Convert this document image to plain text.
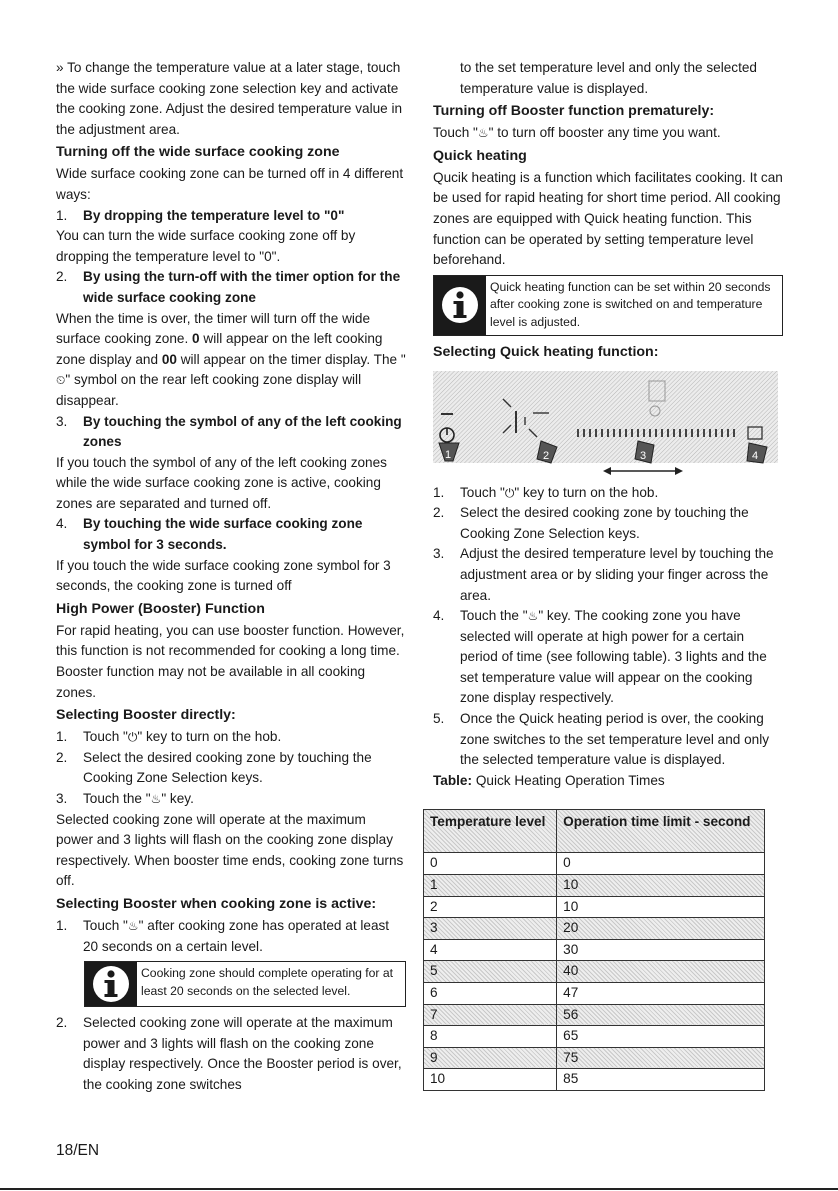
» To change the temperature value at a later stage, touch the wide surface cooking zone selection key and activate the cooking zone. Adjust the desired temperature value in the adjustment area.

Turning off the wide surface cooking zone

Wide surface cooking zone can be turned off in 4 different ways:

1.	By dropping the temperature level to "0"

You can turn the wide surface cooking zone off by dropping the temperature level to "0".

2.	By using the turn-off with the timer option for the wide surface cooking zone

When the time is over, the timer will turn off the wide surface cooking zone. 0 will appear on the left cooking zone display and 00 will appear on the timer display. The "⏲" symbol on the rear left cooking zone display will disappear.

3.	By touching the symbol of any of the left cooking zones

If you touch the symbol of any of the left cooking zones while the wide surface cooking zone is active, cooking zones are separated and turned off.

4.	By touching the wide surface cooking zone symbol for 3 seconds.

If you touch the wide surface cooking zone symbol for 3 seconds, the cooking zone is turned off

High Power (Booster) Function

For rapid heating, you can use booster function. However, this function is not recommended for cooking a long time. Booster function may not be available in all cooking zones.

Selecting Booster directly:
1.	Touch "⏻" key to turn on the hob.
2.	Select the desired cooking zone by touching the Cooking Zone Selection keys.
3.	Touch the "♨" key.

Selected cooking zone will operate at the maximum power and 3 lights will flash on the cooking zone display respectively. When booster time ends, cooking zone turns off.

Selecting Booster when cooking zone is active:
1.	Touch "♨" after cooking zone has operated at least 20 seconds on a certain level.
Cooking zone should complete operating for at least 20 seconds on the selected level.
2.	Selected cooking zone will operate at the maximum power and 3 lights will flash on the cooking zone display respectively. Once the Booster period is over, the cooking zone switches

to the set temperature level and only the selected temperature value is displayed.

Turning off Booster function prematurely:

Touch "♨" to turn off booster any time you want.

Quick heating

Qucik heating is a function which facilitates cooking. It can be used for rapid heating for short time period. All cooking zones are equipped with Quick heating function. This function can be operated by setting temperature level beforehand.

Quick heating function can be set within 20 seconds after cooking zone is switched on and temperature level is adjusted.
Selecting Quick heating function:
1	2	3	4
1.	Touch "⏻" key to turn on the hob.
2.	Select the desired cooking zone by touching the Cooking Zone Selection keys.
3.	Adjust the desired temperature level by touching the adjustment area or by sliding your finger across the area.
4.	Touch the "♨" key. The cooking zone you have selected will operate at high power for a certain period of time (see following table). 3 lights and the set temperature value will appear on the cooking zone display respectively.
5.	Once the Quick heating period is over, the cooking zone switches to the set temperature level and only the selected temperature value is displayed.

Table: Quick Heating Operation Times

Temperature level	Operation time limit - second
0	0
1	10
2	10
3	20
4	30
5	40
6	47
7	56
8	65
9	75
10	85
18/EN
